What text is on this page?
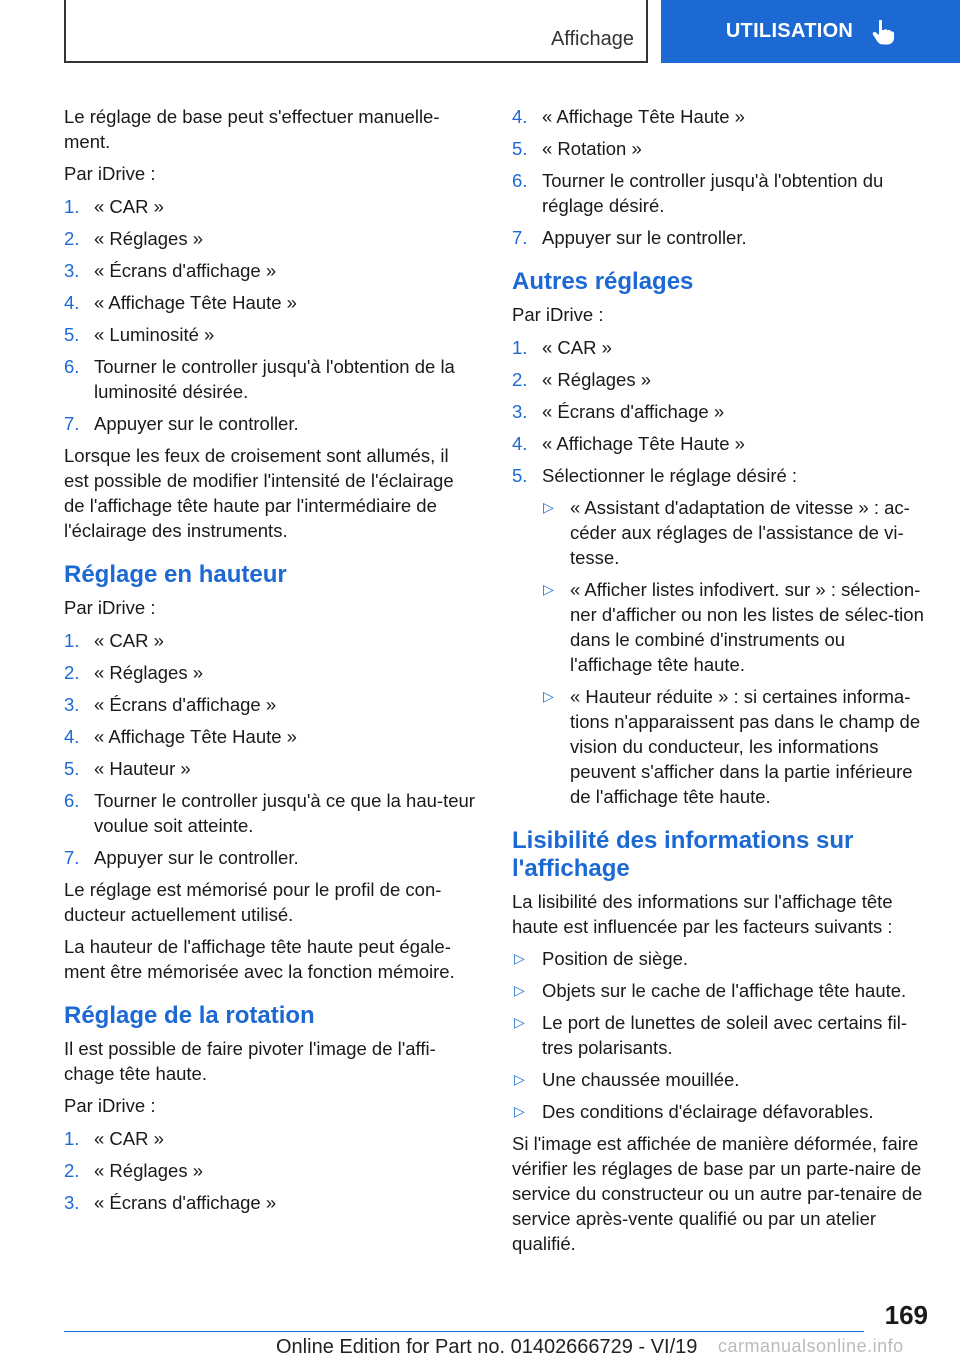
Affichage	UTILISATION

Le réglage de base peut s'effectuer manuelle-ment.

Par iDrive :

1. « CAR »
2. « Réglages »
3. « Écrans d'affichage »
4. « Affichage Tête Haute »
5. « Luminosité »
6. Tourner le controller jusqu'à l'obtention de la luminosité désirée.
7. Appuyer sur le controller.

Lorsque les feux de croisement sont allumés, il est possible de modifier l'intensité de l'éclairage de l'affichage tête haute par l'intermédiaire de l'éclairage des instruments.

Réglage en hauteur

Par iDrive :

1. « CAR »
2. « Réglages »
3. « Écrans d'affichage »
4. « Affichage Tête Haute »
5. « Hauteur »
6. Tourner le controller jusqu'à ce que la hau-teur voulue soit atteinte.
7. Appuyer sur le controller.

Le réglage est mémorisé pour le profil de con-ducteur actuellement utilisé.

La hauteur de l'affichage tête haute peut égale-ment être mémorisée avec la fonction mémoire.

Réglage de la rotation

Il est possible de faire pivoter l'image de l'affi-chage tête haute.

Par iDrive :

1. « CAR »
2. « Réglages »
3. « Écrans d'affichage »
4. « Affichage Tête Haute »
5. « Rotation »
6. Tourner le controller jusqu'à l'obtention du réglage désiré.
7. Appuyer sur le controller.
Autres réglages

Par iDrive :

1. « CAR »
2. « Réglages »
3. « Écrans d'affichage »
4. « Affichage Tête Haute »
5. Sélectionner le réglage désiré :
▷ « Assistant d'adaptation de vitesse » : ac-céder aux réglages de l'assistance de vi-tesse.
▷ « Afficher listes infodivert. sur » : sélection-ner d'afficher ou non les listes de sélec-tion dans le combiné d'instruments ou l'affichage tête haute.
▷ « Hauteur réduite » : si certaines informa-tions n'apparaissent pas dans le champ de vision du conducteur, les informations peuvent s'afficher dans la partie inférieure de l'affichage tête haute.
Lisibilité des informations sur l'affichage

La lisibilité des informations sur l'affichage tête haute est influencée par les facteurs suivants :

▷ Position de siège.
▷ Objets sur le cache de l'affichage tête haute.
▷ Le port de lunettes de soleil avec certains fil-tres polarisants.
▷ Une chaussée mouillée.
▷ Des conditions d'éclairage défavorables.

Si l'image est affichée de manière déformée, faire vérifier les réglages de base par un parte-naire de service du constructeur ou un autre par-tenaire de service après-vente qualifié ou par un atelier qualifié.

169
Online Edition for Part no. 01402666729 - VI/19 carmanualsonline.info
